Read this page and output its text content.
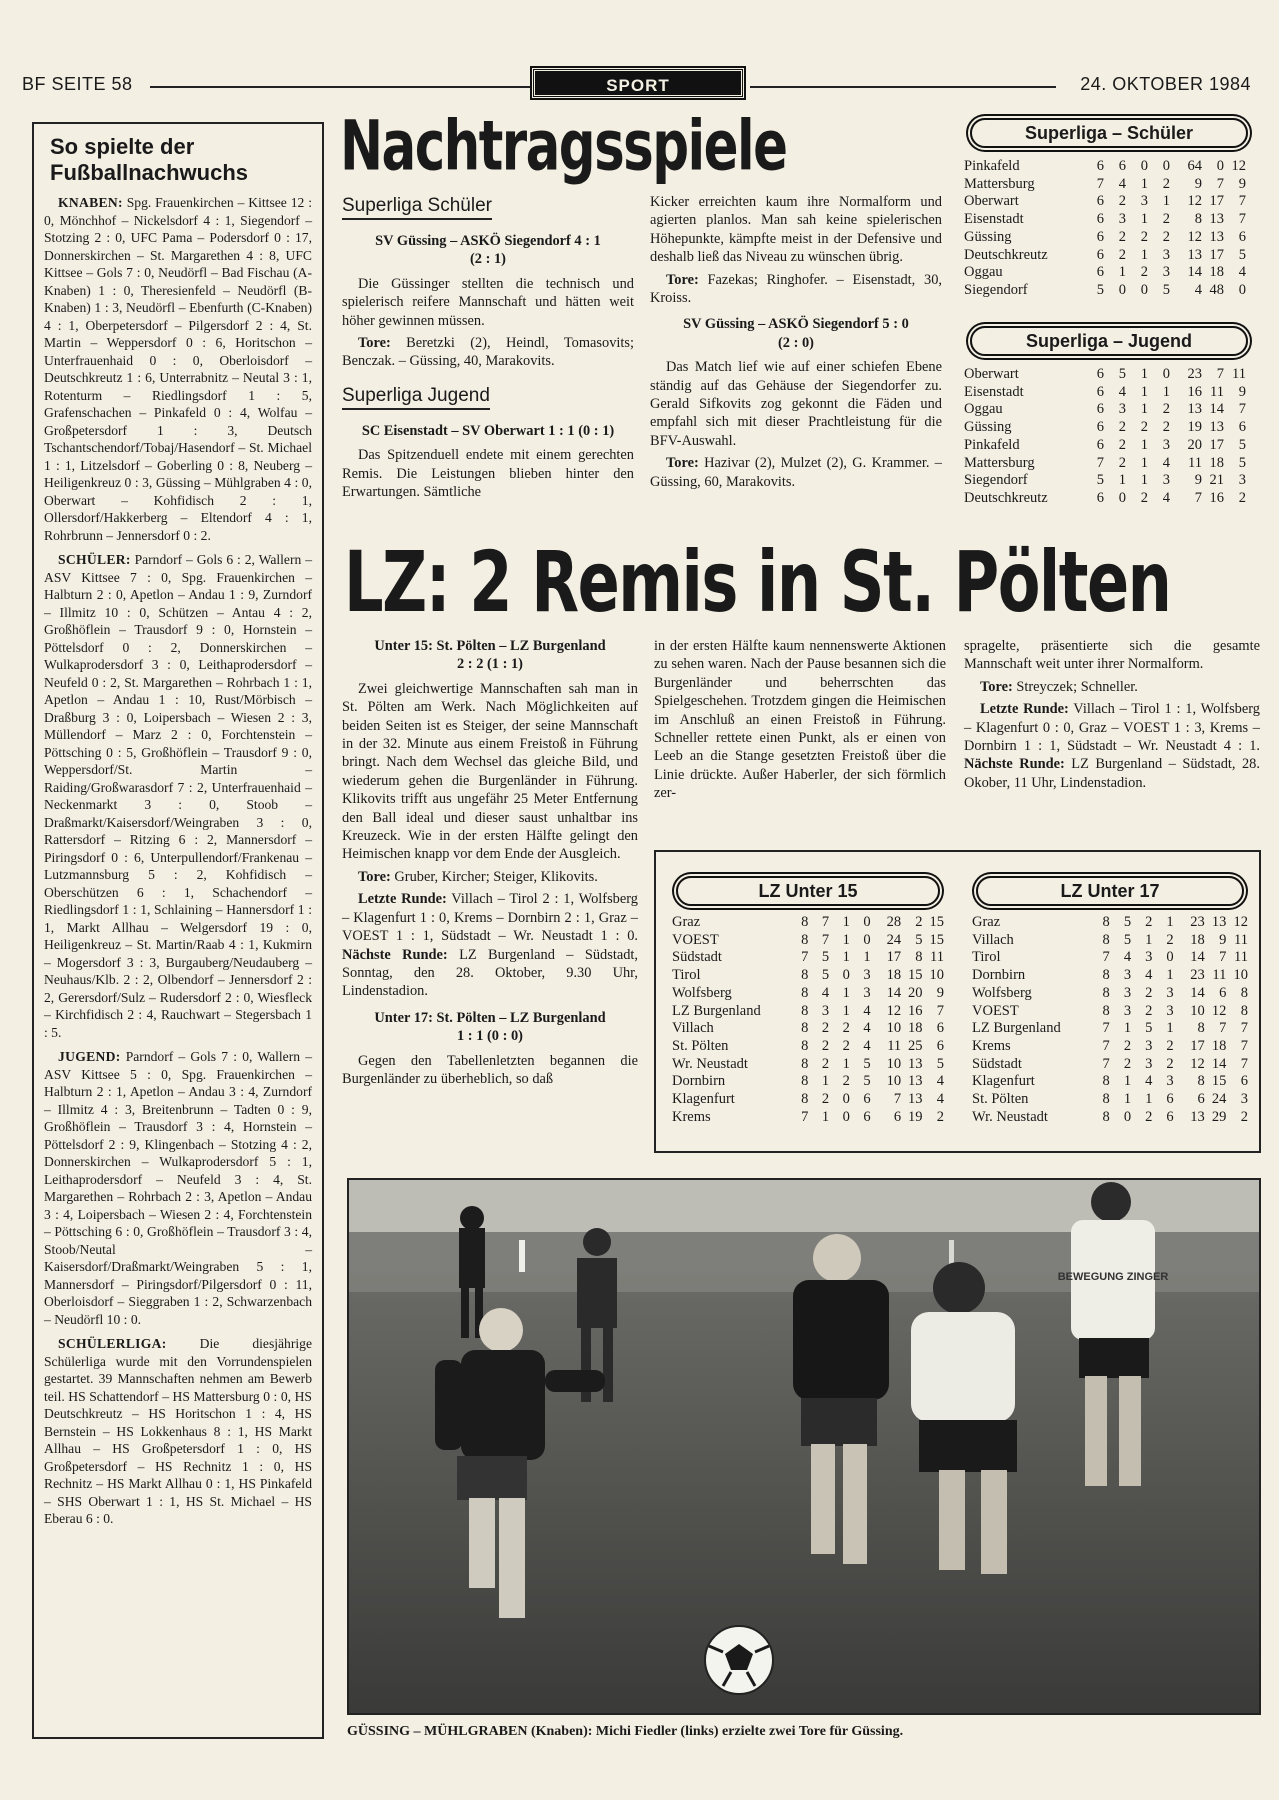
BF SEITE 58	SPORT	24. OKTOBER 1984
So spielte der Fußballnachwuchs

KNABEN: Spg. Frauenkirchen – Kittsee 12 : 0, Mönchhof – Nickelsdorf 4 : 1, Siegendorf – Stotzing 2 : 0, UFC Pama – Podersdorf 0 : 17, Donnerskirchen – St. Margarethen 4 : 8, UFC Kittsee – Gols 7 : 0, Neudörfl – Bad Fischau (A-Knaben) 1 : 0, Theresienfeld – Neudörfl (B-Knaben) 1 : 3, Neudörfl – Ebenfurth (C-Knaben) 4 : 1, Oberpetersdorf – Pilgersdorf 2 : 4, St. Martin – Weppersdorf 0 : 6, Horitschon – Unterfrauenhaid 0 : 0, Oberloisdorf – Deutschkreutz 1 : 6, Unterrabnitz – Neutal 3 : 1, Rotenturm – Riedlingsdorf 1 : 5, Grafenschachen – Pinkafeld 0 : 4, Wolfau – Großpetersdorf 1 : 3, Deutsch Tschantschendorf/Tobaj/Hasendorf – St. Michael 1 : 1, Litzelsdorf – Goberling 0 : 8, Neuberg – Heiligenkreuz 0 : 3, Güssing – Mühlgraben 4 : 0, Oberwart – Kohfidisch 2 : 1, Ollersdorf/Hakkerberg – Eltendorf 4 : 1, Rohrbrunn – Jennersdorf 0 : 2.

SCHÜLER: Parndorf – Gols 6 : 2, Wallern – ASV Kittsee 7 : 0, Spg. Frauenkirchen – Halbturn 2 : 0, Apetlon – Andau 1 : 9, Zurndorf – Illmitz 10 : 0, Schützen – Antau 4 : 2, Großhöflein – Trausdorf 9 : 0, Hornstein – Pöttelsdorf 0 : 2, Donnerskirchen – Wulkaprodersdorf 3 : 0, Leithaprodersdorf – Neufeld 0 : 2, St. Margarethen – Rohrbach 1 : 1, Apetlon – Andau 1 : 10, Rust/Mörbisch – Draßburg 3 : 0, Loipersbach – Wiesen 2 : 3, Müllendorf – Marz 2 : 0, Forchtenstein – Pöttsching 0 : 5, Großhöflein – Trausdorf 9 : 0, Weppersdorf/St. Martin – Raiding/Großwarasdorf 7 : 2, Unterfrauenhaid – Neckenmarkt 3 : 0, Stoob – Draßmarkt/Kaisersdorf/Weingraben 3 : 0, Rattersdorf – Ritzing 6 : 2, Mannersdorf – Piringsdorf 0 : 6, Unterpullendorf/Frankenau – Lutzmannsburg 5 : 2, Kohfidisch – Oberschützen 6 : 1, Schachendorf – Riedlingsdorf 1 : 1, Schlaining – Hannersdorf 1 : 1, Markt Allhau – Welgersdorf 19 : 0, Heiligenkreuz – St. Martin/Raab 4 : 1, Kukmirn – Mogersdorf 3 : 3, Burgauberg/Neudauberg – Neuhaus/Klb. 2 : 2, Olbendorf – Jennersdorf 2 : 2, Gerersdorf/Sulz – Rudersdorf 2 : 0, Wiesfleck – Kirchfidisch 2 : 4, Rauchwart – Stegersbach 1 : 5.

JUGEND: Parndorf – Gols 7 : 0, Wallern – ASV Kittsee 5 : 0, Spg. Frauenkirchen – Halbturn 2 : 1, Apetlon – Andau 3 : 4, Zurndorf – Illmitz 4 : 3, Breitenbrunn – Tadten 0 : 9, Großhöflein – Trausdorf 3 : 4, Hornstein – Pöttelsdorf 2 : 9, Klingenbach – Stotzing 4 : 2, Donnerskirchen – Wulkaprodersdorf 5 : 1, Leithaprodersdorf – Neufeld 3 : 4, St. Margarethen – Rohrbach 2 : 3, Apetlon – Andau 3 : 4, Loipersbach – Wiesen 2 : 4, Forchtenstein – Pöttsching 6 : 0, Großhöflein – Trausdorf 3 : 4, Stoob/Neutal – Kaisersdorf/Draßmarkt/Weingraben 5 : 1, Mannersdorf – Piringsdorf/Pilgersdorf 0 : 11, Oberloisdorf – Sieggraben 1 : 2, Schwarzenbach – Neudörfl 10 : 0.

SCHÜLERLIGA: Die diesjährige Schülerliga wurde mit den Vorrundenspielen gestartet. 39 Mannschaften nehmen am Bewerb teil. HS Schattendorf – HS Mattersburg 0 : 0, HS Deutschkreutz – HS Horitschon 1 : 4, HS Bernstein – HS Lokkenhaus 8 : 1, HS Markt Allhau – HS Großpetersdorf 1 : 0, HS Großpetersdorf – HS Rechnitz 1 : 0, HS Rechnitz – HS Markt Allhau 0 : 1, HS Pinkafeld – SHS Oberwart 1 : 1, HS St. Michael – HS Eberau 6 : 0.

Nachtragsspiele
Superliga Schüler

SV Güssing – ASKÖ Siegendorf 4 : 1

(2 : 1)

Die Güssinger stellten die technisch und spielerisch reifere Mannschaft und hätten weit höher gewinnen müssen.

Tore: Beretzki (2), Heindl, Tomasovits; Benczak. – Güssing, 40, Marakovits.

Superliga Jugend

SC Eisenstadt – SV Oberwart 1 : 1 (0 : 1)

Das Spitzenduell endete mit einem gerechten Remis. Die Leistungen blieben hinter den Erwartungen. Sämtliche

Kicker erreichten kaum ihre Normalform und agierten planlos. Man sah keine spielerischen Höhepunkte, kämpfte meist in der Defensive und deshalb ließ das Niveau zu wünschen übrig.

Tore: Fazekas; Ringhofer. – Eisenstadt, 30, Kroiss.

SV Güssing – ASKÖ Siegendorf 5 : 0

(2 : 0)

Das Match lief wie auf einer schiefen Ebene ständig auf das Gehäuse der Siegendorfer zu. Gerald Sifkovits zog gekonnt die Fäden und empfahl sich mit dieser Prachtleistung für die BFV-Auswahl.

Tore: Hazivar (2), Mulzet (2), G. Krammer. – Güssing, 60, Marakovits.

Superliga – Schüler
Pinkafeld	6	6	0	0	64	0	12
Mattersburg	7	4	1	2	9	7	9
Oberwart	6	2	3	1	12	17	7
Eisenstadt	6	3	1	2	8	13	7
Güssing	6	2	2	2	12	13	6
Deutschkreutz	6	2	1	3	13	17	5
Oggau	6	1	2	3	14	18	4
Siegendorf	5	0	0	5	4	48	0
Superliga – Jugend
Oberwart	6	5	1	0	23	7	11
Eisenstadt	6	4	1	1	16	11	9
Oggau	6	3	1	2	13	14	7
Güssing	6	2	2	2	19	13	6
Pinkafeld	6	2	1	3	20	17	5
Mattersburg	7	2	1	4	11	18	5
Siegendorf	5	1	1	3	9	21	3
Deutschkreutz	6	0	2	4	7	16	2
LZ: 2 Remis in St. Pölten

Unter 15: St. Pölten – LZ Burgenland

2 : 2 (1 : 1)

Zwei gleichwertige Mannschaften sah man in St. Pölten am Werk. Nach Möglichkeiten auf beiden Seiten ist es Steiger, der seine Mannschaft in der 32. Minute aus einem Freistoß in Führung bringt. Nach dem Wechsel das gleiche Bild, und wiederum gehen die Burgenländer in Führung. Klikovits trifft aus ungefähr 25 Meter Entfernung den Ball ideal und dieser saust unhaltbar ins Kreuzeck. Wie in der ersten Hälfte gelingt den Heimischen knapp vor dem Ende der Ausgleich.

Tore: Gruber, Kircher; Steiger, Klikovits.

Letzte Runde: Villach – Tirol 2 : 1, Wolfsberg – Klagenfurt 1 : 0, Krems – Dornbirn 2 : 1, Graz – VOEST 1 : 1, Südstadt – Wr. Neustadt 1 : 0. Nächste Runde: LZ Burgenland – Südstadt, Sonntag, den 28. Oktober, 9.30 Uhr, Lindenstadion.

Unter 17: St. Pölten – LZ Burgenland

1 : 1 (0 : 0)

Gegen den Tabellenletzten begannen die Burgenländer zu überheblich, so daß

in der ersten Hälfte kaum nennenswerte Aktionen zu sehen waren. Nach der Pause besannen sich die Burgenländer und beherrschten das Spielgeschehen. Trotzdem gingen die Heimischen im Anschluß an einen Freistoß in Führung. Schneller rettete einen Punkt, als er einen von Leeb an die Stange gesetzten Freistoß über die Linie drückte. Außer Haberler, der sich förmlich zer-

spragelte, präsentierte sich die gesamte Mannschaft weit unter ihrer Normalform.

Tore: Streyczek; Schneller.

Letzte Runde: Villach – Tirol 1 : 1, Wolfsberg – Klagenfurt 0 : 0, Graz – VOEST 1 : 3, Krems – Dornbirn 1 : 1, Südstadt – Wr. Neustadt 4 : 1. Nächste Runde: LZ Burgenland – Südstadt, 28. Okober, 11 Uhr, Lindenstadion.

LZ Unter 15
Graz	8	7	1	0	28	2	15
VOEST	8	7	1	0	24	5	15
Südstadt	7	5	1	1	17	8	11
Tirol	8	5	0	3	18	15	10
Wolfsberg	8	4	1	3	14	20	9
LZ Burgenland	8	3	1	4	12	16	7
Villach	8	2	2	4	10	18	6
St. Pölten	8	2	2	4	11	25	6
Wr. Neustadt	8	2	1	5	10	13	5
Dornbirn	8	1	2	5	10	13	4
Klagenfurt	8	2	0	6	7	13	4
Krems	7	1	0	6	6	19	2
LZ Unter 17
Graz	8	5	2	1	23	13	12
Villach	8	5	1	2	18	9	11
Tirol	7	4	3	0	14	7	11
Dornbirn	8	3	4	1	23	11	10
Wolfsberg	8	3	2	3	14	6	8
VOEST	8	3	2	3	10	12	8
LZ Burgenland	7	1	5	1	8	7	7
Krems	7	2	3	2	17	18	7
Südstadt	7	2	3	2	12	14	7
Klagenfurt	8	1	4	3	8	15	6
St. Pölten	8	1	1	6	6	24	3
Wr. Neustadt	8	0	2	6	13	29	2
BEWEGUNG ZINGER
GÜSSING – MÜHLGRABEN (Knaben): Michi Fiedler (links) erzielte zwei Tore für Güssing.
